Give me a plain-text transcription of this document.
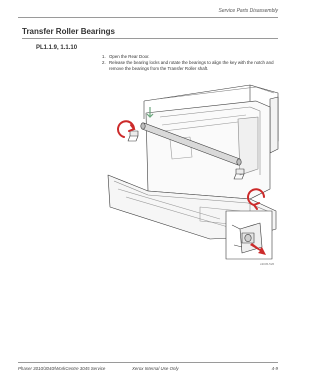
Service Parts Disassembly
Transfer Roller Bearings
PL1.1.9, 1.1.10
1. Open the Rear Door.
2. Release the bearing locks and rotate the bearings to align the key with the notch and remove the bearings from the Transfer Roller shaft.
s3045-526
Phaser 3010/3040/WorkCentre 3045 Service	Xerox Internal Use Only	4-9
